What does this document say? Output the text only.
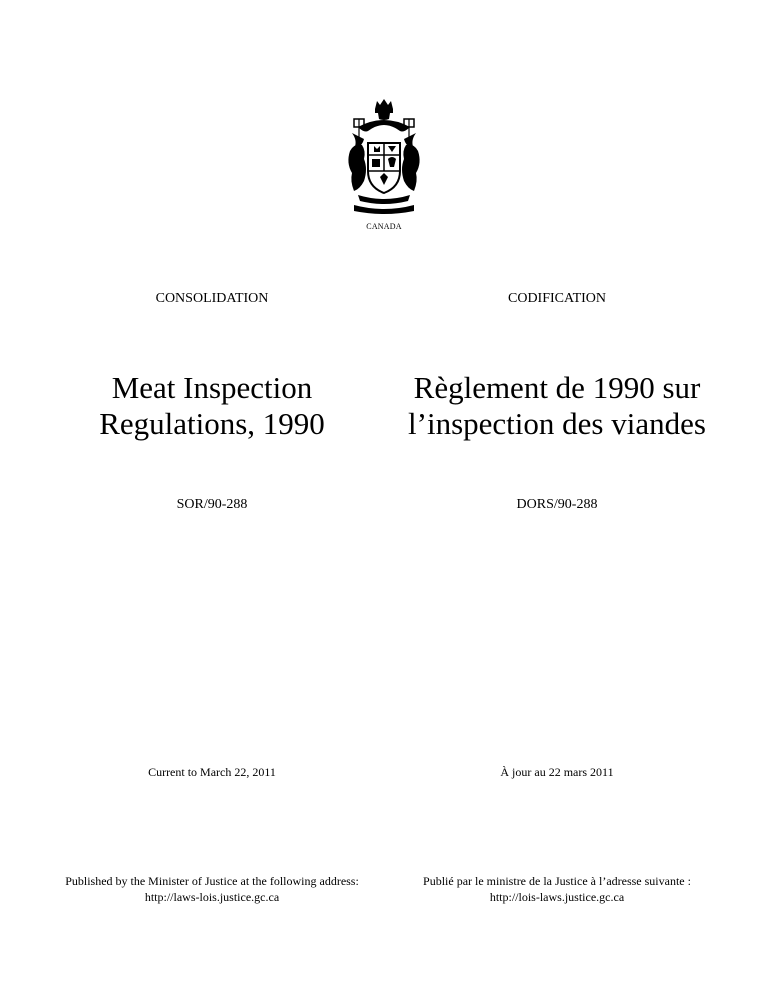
CANADA
CONSOLIDATION	CODIFICATION
Meat Inspection
Regulations, 1990
Règlement de 1990 sur
l’inspection des viandes
SOR/90-288	DORS/90-288
Current to March 22, 2011	À jour au 22 mars 2011
Published by the Minister of Justice at the following address:
http://laws-lois.justice.gc.ca
Publié par le ministre de la Justice à l’adresse suivante :
http://lois-laws.justice.gc.ca
